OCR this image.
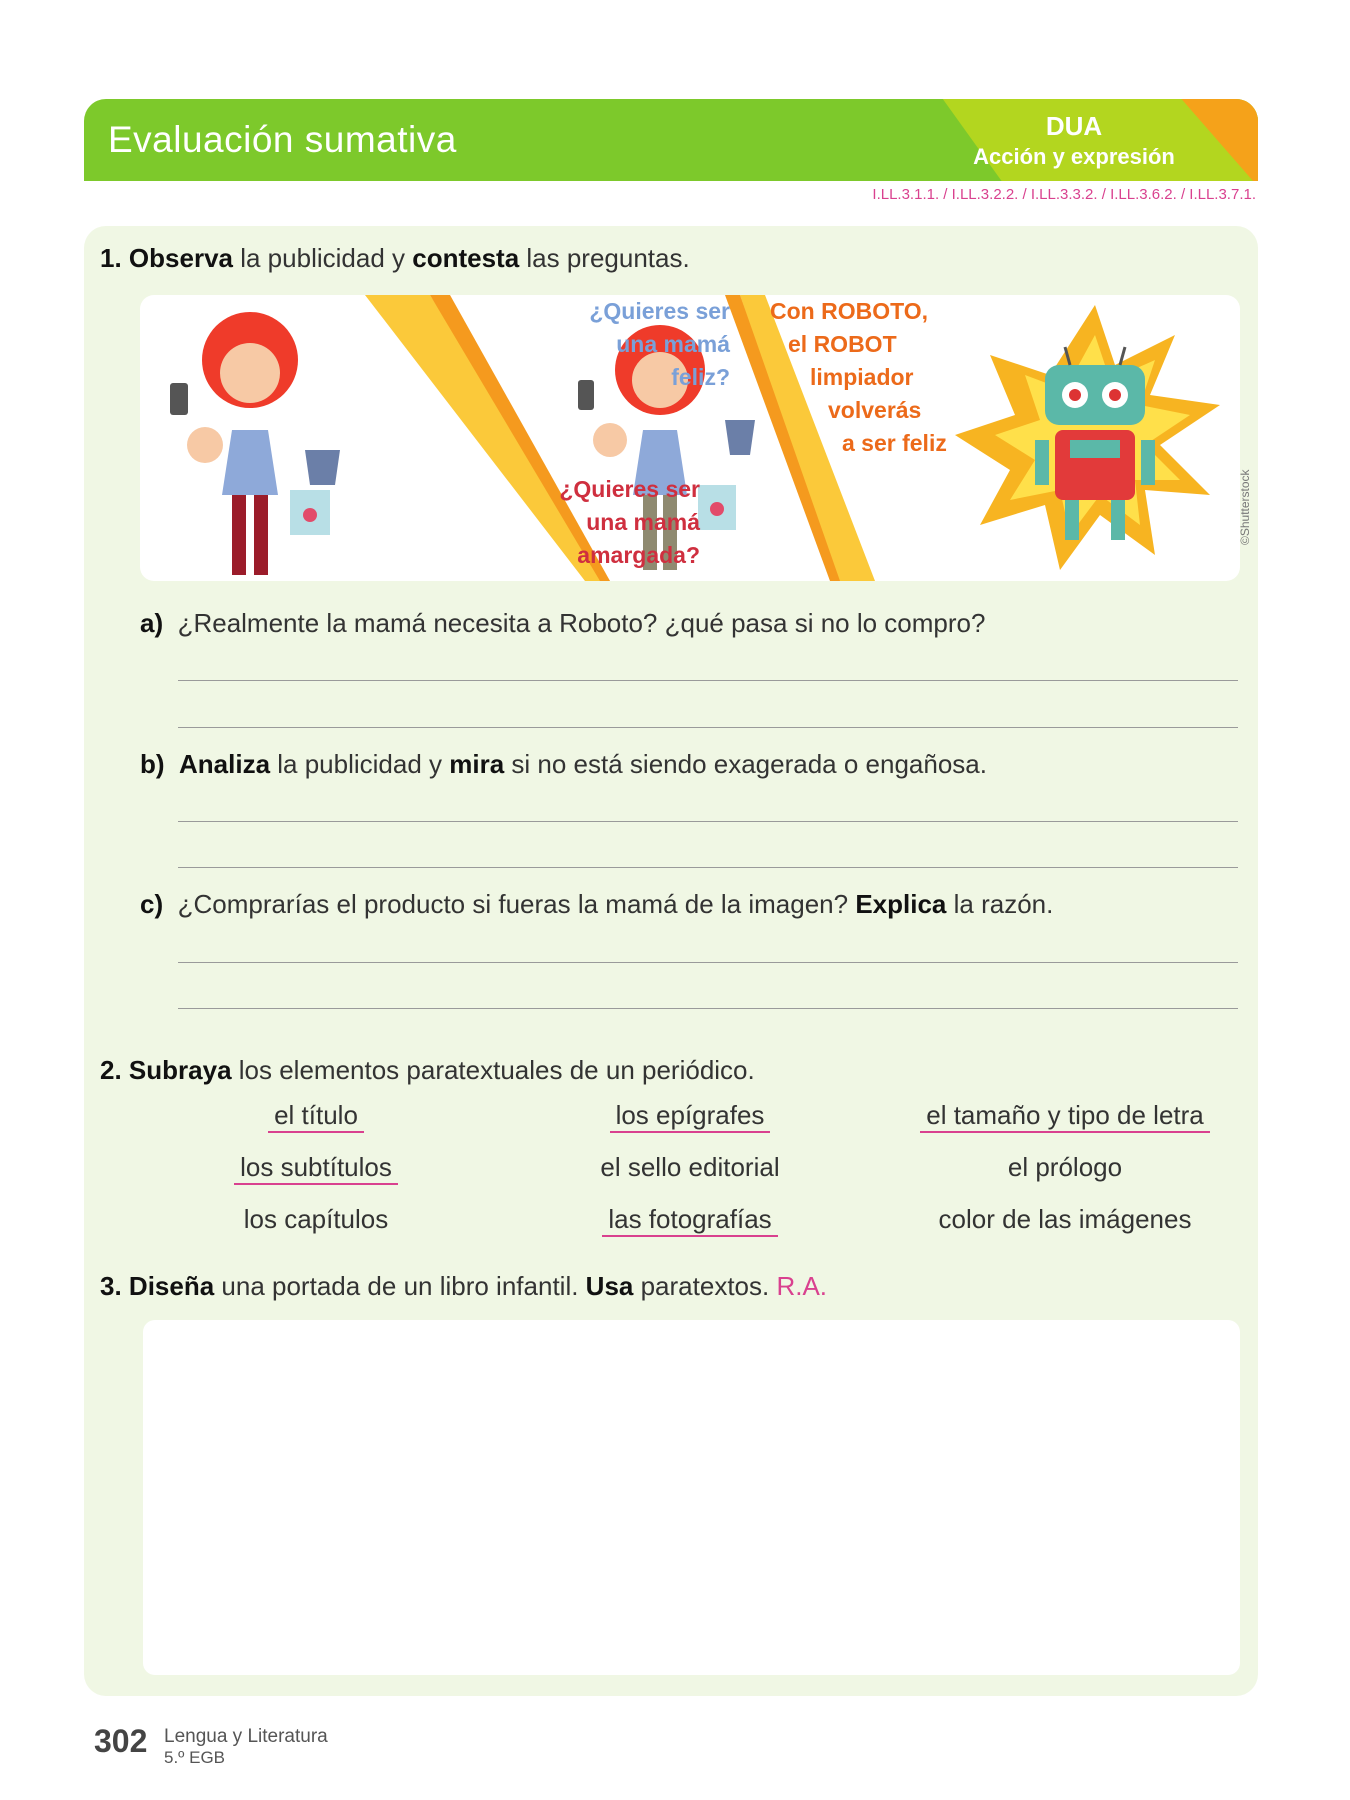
Evaluación sumativa	DUA
Acción y expresión
I.LL.3.1.1. / I.LL.3.2.2. / I.LL.3.3.2. / I.LL.3.6.2. / I.LL.3.7.1.
1. Observa la publicidad y contesta las preguntas.
¿Quieres ser
una mamá
feliz?
¿Quieres ser
una mamá
amargada?
Con ROBOTO,
el ROBOT
limpiador
volverás
a ser feliz
©Shutterstock
a) ¿Realmente la mamá necesita a Roboto? ¿qué pasa si no lo compro?
b) Analiza la publicidad y mira si no está siendo exagerada o engañosa.
c) ¿Comprarías el producto si fueras la mamá de la imagen? Explica la razón.
2. Subraya los elementos paratextuales de un periódico.
el título	los epígrafes	el tamaño y tipo de letra
los subtítulos	el sello editorial	el prólogo
los capítulos	las fotografías	color de las imágenes
3. Diseña una portada de un libro infantil. Usa paratextos. R.A.
302 Lengua y Literatura
5.º EGB
